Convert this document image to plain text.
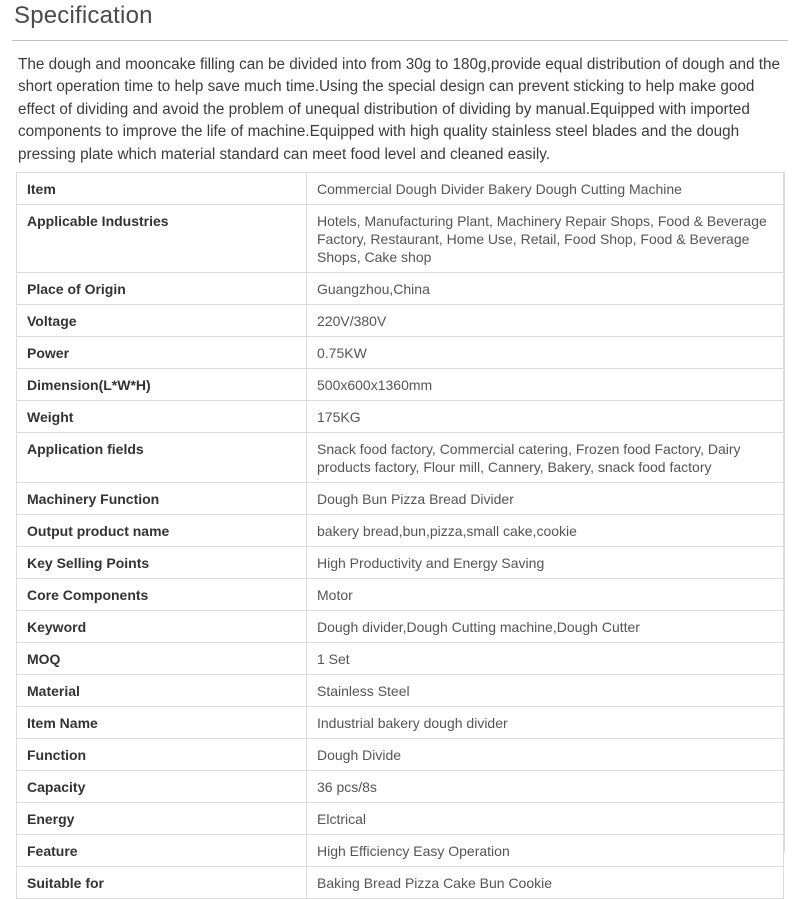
Specification

The dough and mooncake filling can be divided into from 30g to 180g,provide equal distribution of dough and the short operation time to help save much time.Using the special design can prevent sticking to help make good effect of dividing and avoid the problem of unequal distribution of dividing by manual.Equipped with imported components to improve the life of machine.Equipped with high quality stainless steel blades and the dough pressing plate which material standard can meet food level and cleaned easily.

Item	Commercial Dough Divider Bakery Dough Cutting Machine
Applicable Industries	Hotels, Manufacturing Plant, Machinery Repair Shops, Food & Beverage Factory, Restaurant, Home Use, Retail, Food Shop, Food & Beverage Shops, Cake shop
Place of Origin	Guangzhou,China
Voltage	220V/380V
Power	0.75KW
Dimension(L*W*H)	500x600x1360mm
Weight	175KG
Application fields	Snack food factory, Commercial catering, Frozen food Factory, Dairy products factory, Flour mill, Cannery, Bakery, snack food factory
Machinery Function	Dough Bun Pizza Bread Divider
Output product name	bakery bread,bun,pizza,small cake,cookie
Key Selling Points	High Productivity and Energy Saving
Core Components	Motor
Keyword	Dough divider,Dough Cutting machine,Dough Cutter
MOQ	1 Set
Material	Stainless Steel
Item Name	Industrial bakery dough divider
Function	Dough Divide
Capacity	36 pcs/8s
Energy	Elctrical
Feature	High Efficiency Easy Operation
Suitable for	Baking Bread Pizza Cake Bun Cookie
